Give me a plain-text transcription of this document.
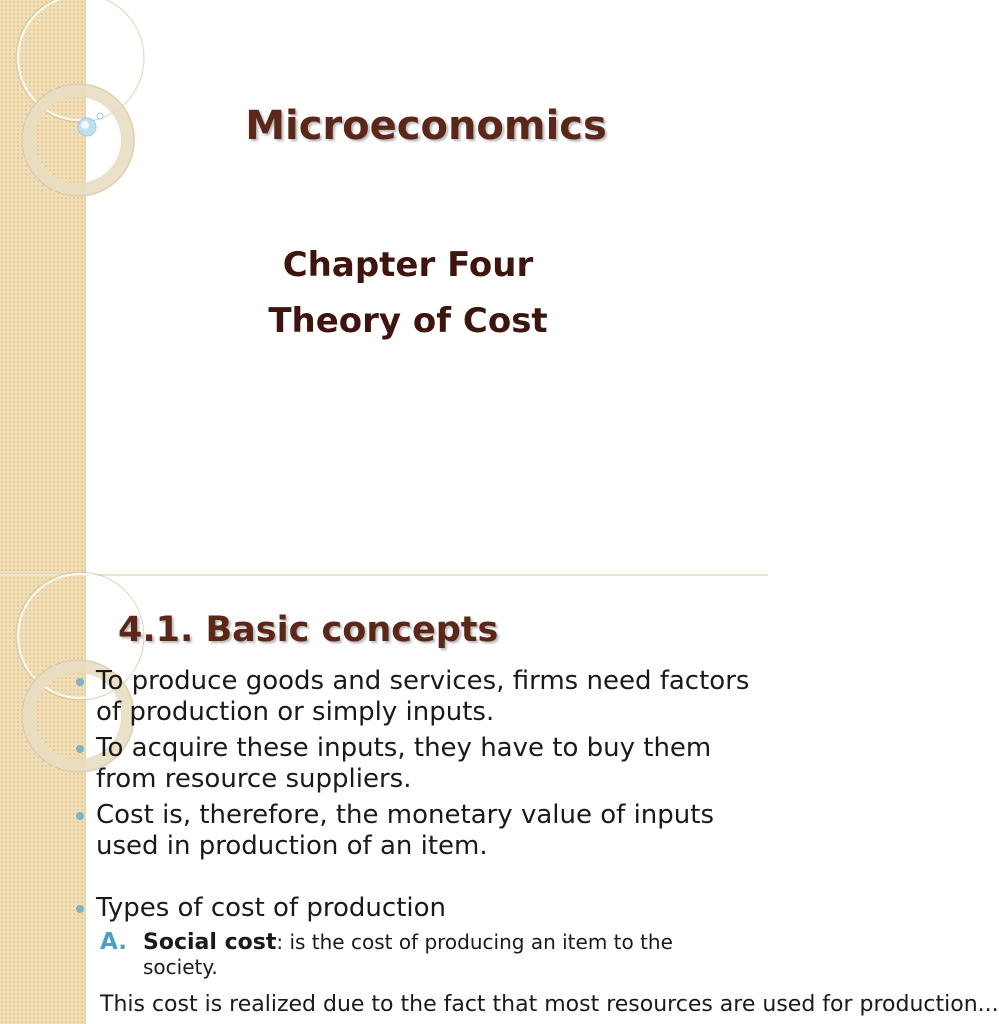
Microeconomics
Chapter Four
Theory of Cost
4.1. Basic concepts
To produce goods and services, firms need factors of production or simply inputs.
To acquire these inputs, they have to buy them from resource suppliers.
Cost is, therefore, the monetary value of inputs used in production of an item.
Types of cost of production
A. Social cost: is the cost of producing an item to the society.
This cost is realized due to the fact that most resources are used for production...
